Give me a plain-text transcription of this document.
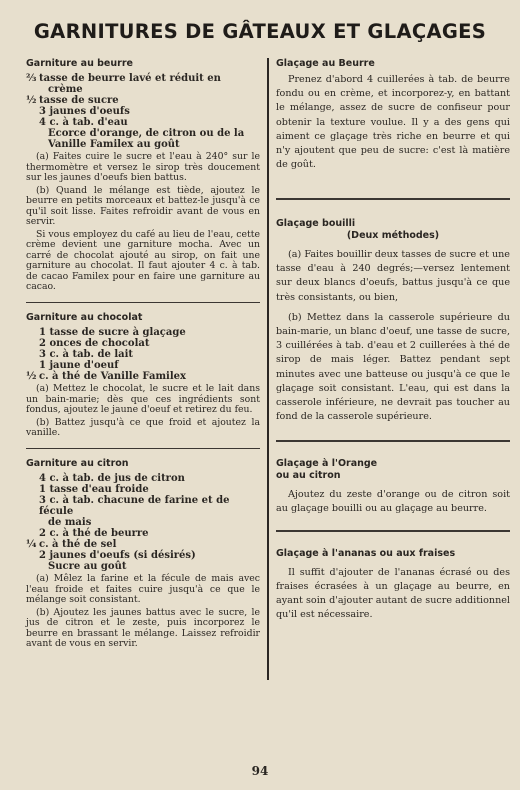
GARNITURES DE GÂTEAUX ET GLAÇAGES
Garniture au beurre
⅔ tasse de beurre lavé et réduit en
crème
½ tasse de sucre
3 jaunes d'oeufs
4 c. à tab. d'eau
Ecorce d'orange, de citron ou de la Vanille Familex au goût

(a) Faites cuire le sucre et l'eau à 240° sur le thermomètre et versez le sirop très doucement sur les jaunes d'oeufs bien battus.

(b) Quand le mélange est tiède, ajoutez le beurre en petits morceaux et battez-le jusqu'à ce qu'il soit lisse. Faites refroidir avant de vous en servir.

Si vous employez du café au lieu de l'eau, cette crème devient une garniture mocha. Avec un carré de chocolat ajouté au sirop, on fait une garniture au chocolat. Il faut ajouter 4 c. à tab. de cacao Familex pour en faire une garniture au cacao.

Garniture au chocolat
1 tasse de sucre à glaçage
2 onces de chocolat
3 c. à tab. de lait
1 jaune d'oeuf
½ c. à thé de Vanille Familex

(a) Mettez le chocolat, le sucre et le lait dans un bain-marie; dès que ces ingrédients sont fondus, ajoutez le jaune d'oeuf et retirez du feu.

(b) Battez jusqu'à ce que froid et ajoutez la vanille.

Garniture au citron
4 c. à tab. de jus de citron
1 tasse d'eau froide
3 c. à tab. chacune de farine et de fécule
de mais
2 c. à thé de beurre
¼ c. à thé de sel
2 jaunes d'oeufs (si désirés)
Sucre au goût

(a) Mêlez la farine et la fécule de mais avec l'eau froide et faites cuire jusqu'à ce que le mélange soit consistant.

(b) Ajoutez les jaunes battus avec le sucre, le jus de citron et le zeste, puis incorporez le beurre en brassant le mélange. Laissez refroidir avant de vous en servir.

Glaçage au Beurre

Prenez d'abord 4 cuillerées à tab. de beurre fondu ou en crème, et incorporez-y, en battant le mélange, assez de sucre de confiseur pour obtenir la texture voulue. Il y a des gens qui aiment ce glaçage très riche en beurre et qui n'y ajoutent que peu de sucre: c'est là matière de goût.

Glaçage bouilli
(Deux méthodes)

(a) Faites bouillir deux tasses de sucre et une tasse d'eau à 240 degrés;—versez lentement sur deux blancs d'oeufs, battus jusqu'à ce que très consistants, ou bien,

(b) Mettez dans la casserole supérieure du bain-marie, un blanc d'oeuf, une tasse de sucre, 3 cuillérées à tab. d'eau et 2 cuillerées à thé de sirop de mais léger. Battez pendant sept minutes avec une batteuse ou jusqu'à ce que le glaçage soit consistant. L'eau, qui est dans la casserole inférieure, ne devrait pas toucher au fond de la casserole supérieure.

Glaçage à l'Orange
ou au citron

Ajoutez du zeste d'orange ou de citron soit au glaçage bouilli ou au glaçage au beurre.

Glaçage à l'ananas ou aux fraises

Il suffit d'ajouter de l'ananas écrasé ou des fraises écrasées à un glaçage au beurre, en ayant soin d'ajouter autant de sucre additionnel qu'il est nécessaire.

94
